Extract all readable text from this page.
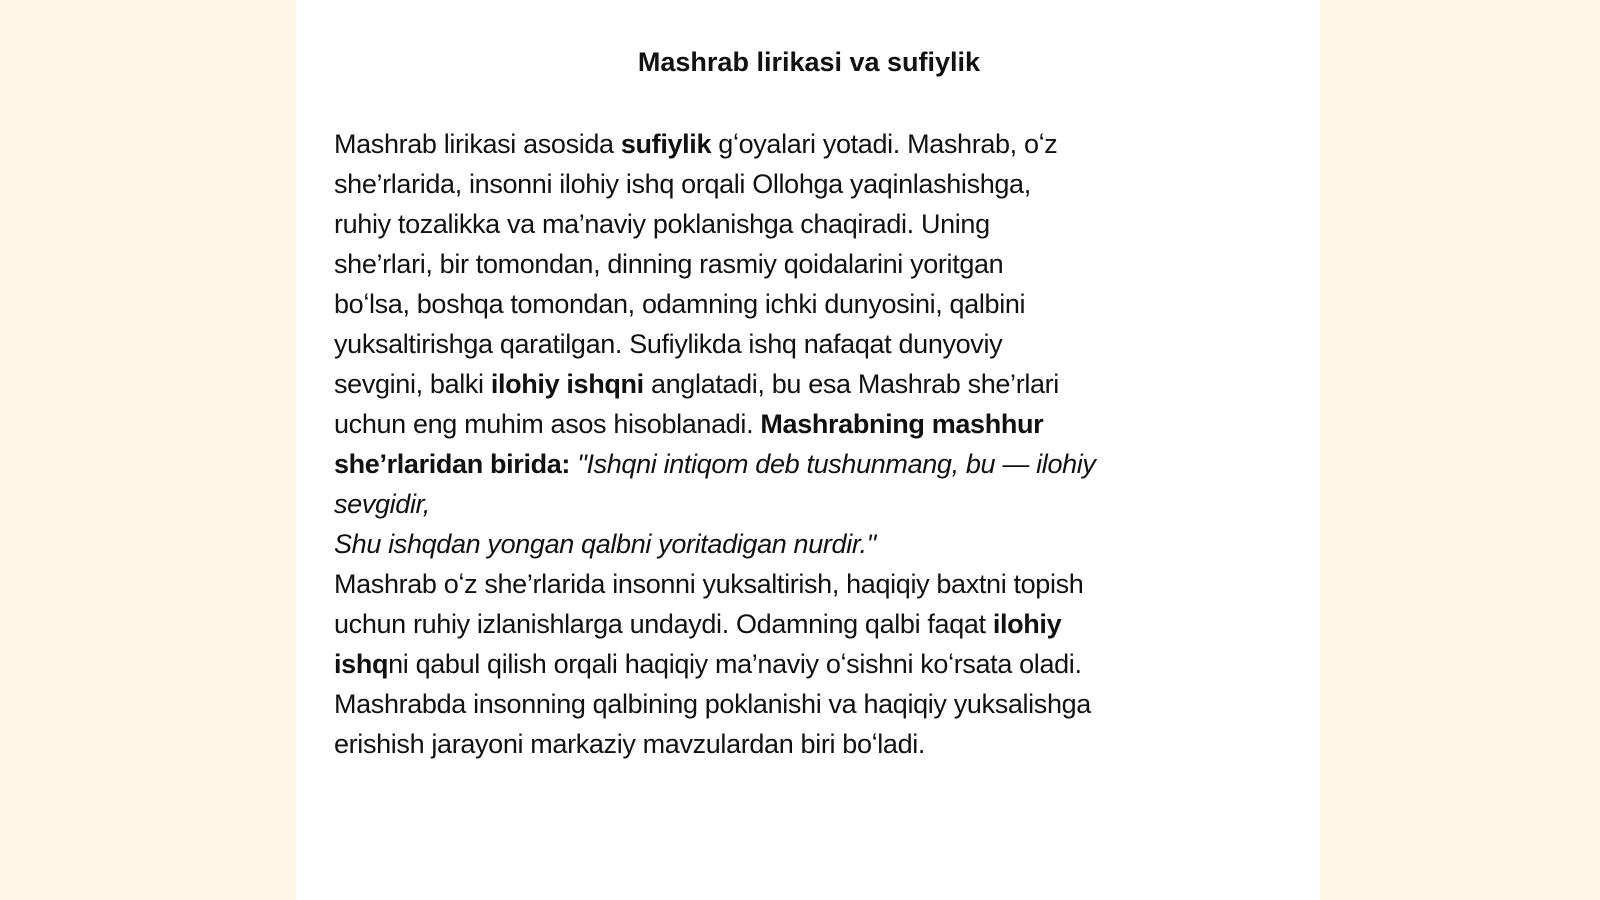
Mashrab lirikasi va sufiylik
Mashrab lirikasi asosida sufiylik gʻoyalari yotadi. Mashrab, oʻz
she’rlarida, insonni ilohiy ishq orqali Ollohga yaqinlashishga,
ruhiy tozalikka va ma’naviy poklanishga chaqiradi. Uning
she’rlari, bir tomondan, dinning rasmiy qoidalarini yoritgan
boʻlsa, boshqa tomondan, odamning ichki dunyosini, qalbini
yuksaltirishga qaratilgan. Sufiylikda ishq nafaqat dunyoviy
sevgini, balki ilohiy ishqni anglatadi, bu esa Mashrab she’rlari
uchun eng muhim asos hisoblanadi. Mashrabning mashhur
she’rlaridan birida: "Ishqni intiqom deb tushunmang, bu — ilohiy
sevgidir,
Shu ishqdan yongan qalbni yoritadigan nurdir."
Mashrab oʻz she’rlarida insonni yuksaltirish, haqiqiy baxtni topish
uchun ruhiy izlanishlarga undaydi. Odamning qalbi faqat ilohiy
ishqni qabul qilish orqali haqiqiy ma’naviy oʻsishni koʻrsata oladi.
Mashrabda insonning qalbining poklanishi va haqiqiy yuksalishga
erishish jarayoni markaziy mavzulardan biri boʻladi.
